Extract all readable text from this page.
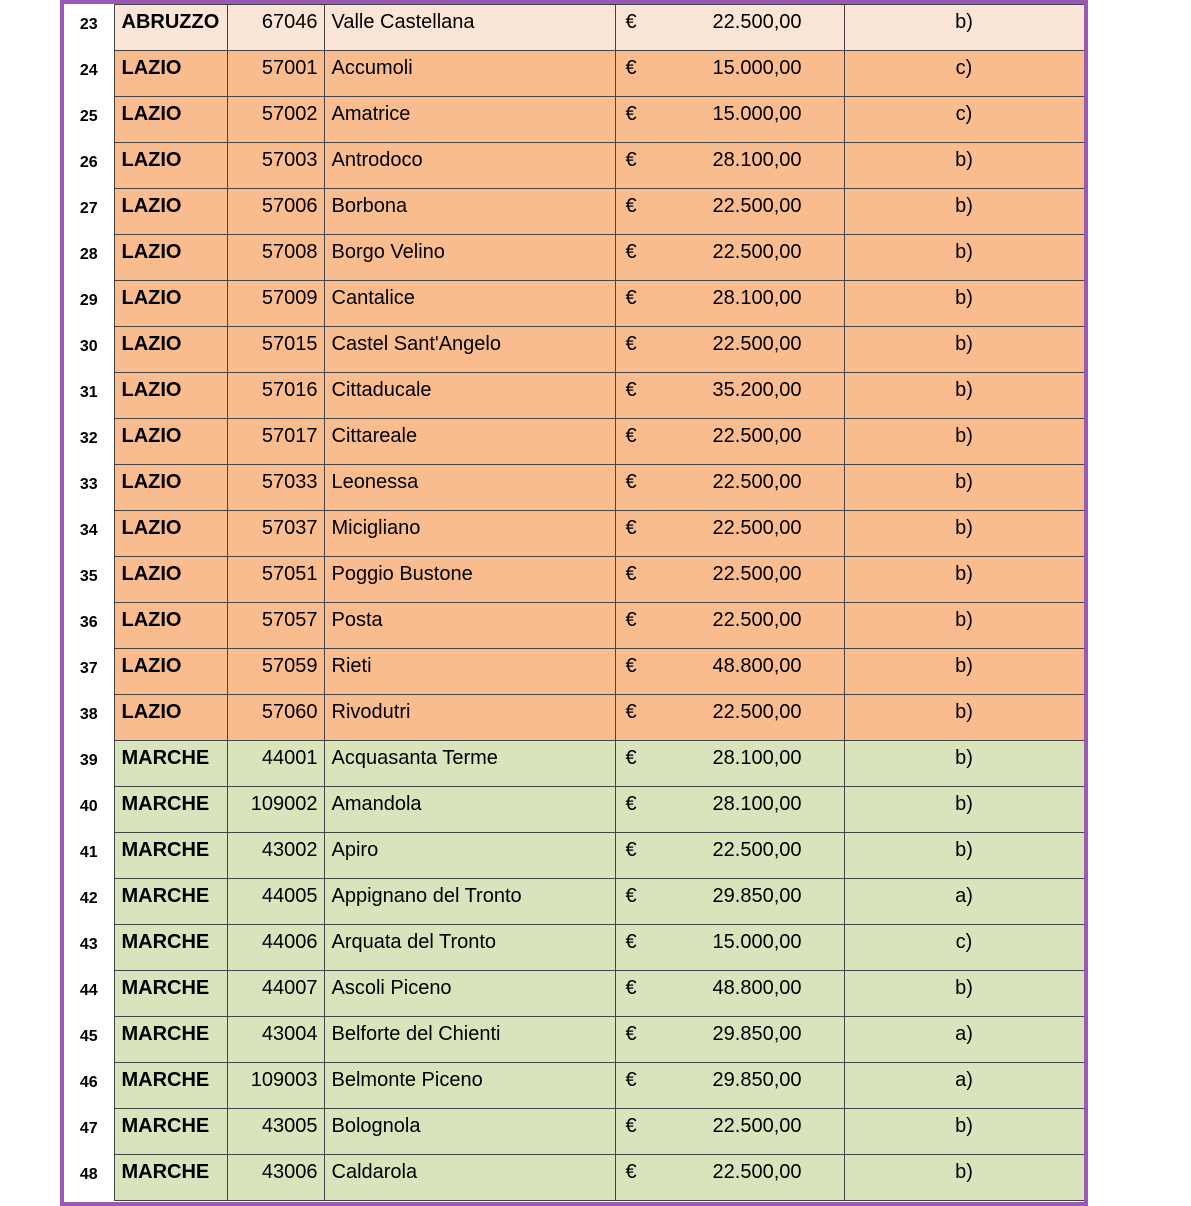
23	ABRUZZO	67046	Valle Castellana	€	22.500,00	b)
24	LAZIO	57001	Accumoli	€	15.000,00	c)
25	LAZIO	57002	Amatrice	€	15.000,00	c)
26	LAZIO	57003	Antrodoco	€	28.100,00	b)
27	LAZIO	57006	Borbona	€	22.500,00	b)
28	LAZIO	57008	Borgo Velino	€	22.500,00	b)
29	LAZIO	57009	Cantalice	€	28.100,00	b)
30	LAZIO	57015	Castel Sant'Angelo	€	22.500,00	b)
31	LAZIO	57016	Cittaducale	€	35.200,00	b)
32	LAZIO	57017	Cittareale	€	22.500,00	b)
33	LAZIO	57033	Leonessa	€	22.500,00	b)
34	LAZIO	57037	Micigliano	€	22.500,00	b)
35	LAZIO	57051	Poggio Bustone	€	22.500,00	b)
36	LAZIO	57057	Posta	€	22.500,00	b)
37	LAZIO	57059	Rieti	€	48.800,00	b)
38	LAZIO	57060	Rivodutri	€	22.500,00	b)
39	MARCHE	44001	Acquasanta Terme	€	28.100,00	b)
40	MARCHE	109002	Amandola	€	28.100,00	b)
41	MARCHE	43002	Apiro	€	22.500,00	b)
42	MARCHE	44005	Appignano del Tronto	€	29.850,00	a)
43	MARCHE	44006	Arquata del Tronto	€	15.000,00	c)
44	MARCHE	44007	Ascoli Piceno	€	48.800,00	b)
45	MARCHE	43004	Belforte del Chienti	€	29.850,00	a)
46	MARCHE	109003	Belmonte Piceno	€	29.850,00	a)
47	MARCHE	43005	Bolognola	€	22.500,00	b)
48	MARCHE	43006	Caldarola	€	22.500,00	b)
